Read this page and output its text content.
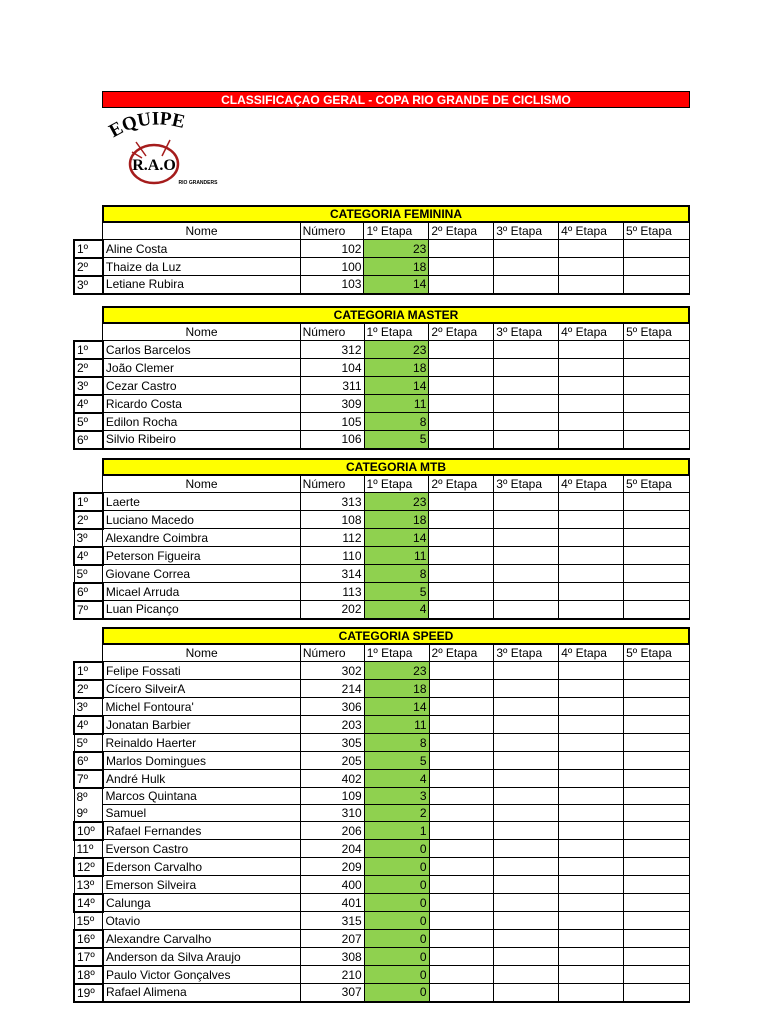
CLASSIFICAÇAO GERAL - COPA RIO GRANDE DE CICLISMO
EQUIPE
R.A.O
RIO GRANDERS
CATEGORIA FEMININA
	Nome	Número	1º Etapa	2º Etapa	3º Etapa	4º Etapa	5º Etapa
1º	Aline Costa	102	23				
2º	Thaize da Luz	100	18				
3º	Letiane Rubira	103	14				
CATEGORIA MASTER
	Nome	Número	1º Etapa	2º Etapa	3º Etapa	4º Etapa	5º Etapa
1º	Carlos Barcelos	312	23				
2º	João Clemer	104	18				
3º	Cezar Castro	311	14				
4º	Ricardo Costa	309	11				
5º	Edilon Rocha	105	8				
6º	Silvio Ribeiro	106	5				
CATEGORIA MTB
	Nome	Número	1º Etapa	2º Etapa	3º Etapa	4º Etapa	5º Etapa
1º	Laerte	313	23				
2º	Luciano Macedo	108	18				
3º	Alexandre Coimbra	112	14				
4º	Peterson Figueira	110	11				
5º	Giovane Correa	314	8				
6º	Micael Arruda	113	5				
7º	Luan Picanço	202	4				
CATEGORIA SPEED
	Nome	Número	1º Etapa	2º Etapa	3º Etapa	4º Etapa	5º Etapa
1º	Felipe Fossati	302	23				
2º	Cícero SilveirA	214	18				
3º	Michel Fontoura'	306	14				
4º	Jonatan Barbier	203	11				
5º	Reinaldo Haerter	305	8				
6º	Marlos Domingues	205	5				
7º	André Hulk	402	4				
8º	Marcos Quintana	109	3				
9º	Samuel	310	2				
10º	Rafael Fernandes	206	1				
11º	Everson Castro	204	0				
12º	Ederson Carvalho	209	0				
13º	Emerson Silveira	400	0				
14º	Calunga	401	0				
15º	Otavio	315	0				
16º	Alexandre Carvalho	207	0				
17º	Anderson da Silva Araujo	308	0				
18º	Paulo Victor Gonçalves	210	0				
19º	Rafael Alimena	307	0				
